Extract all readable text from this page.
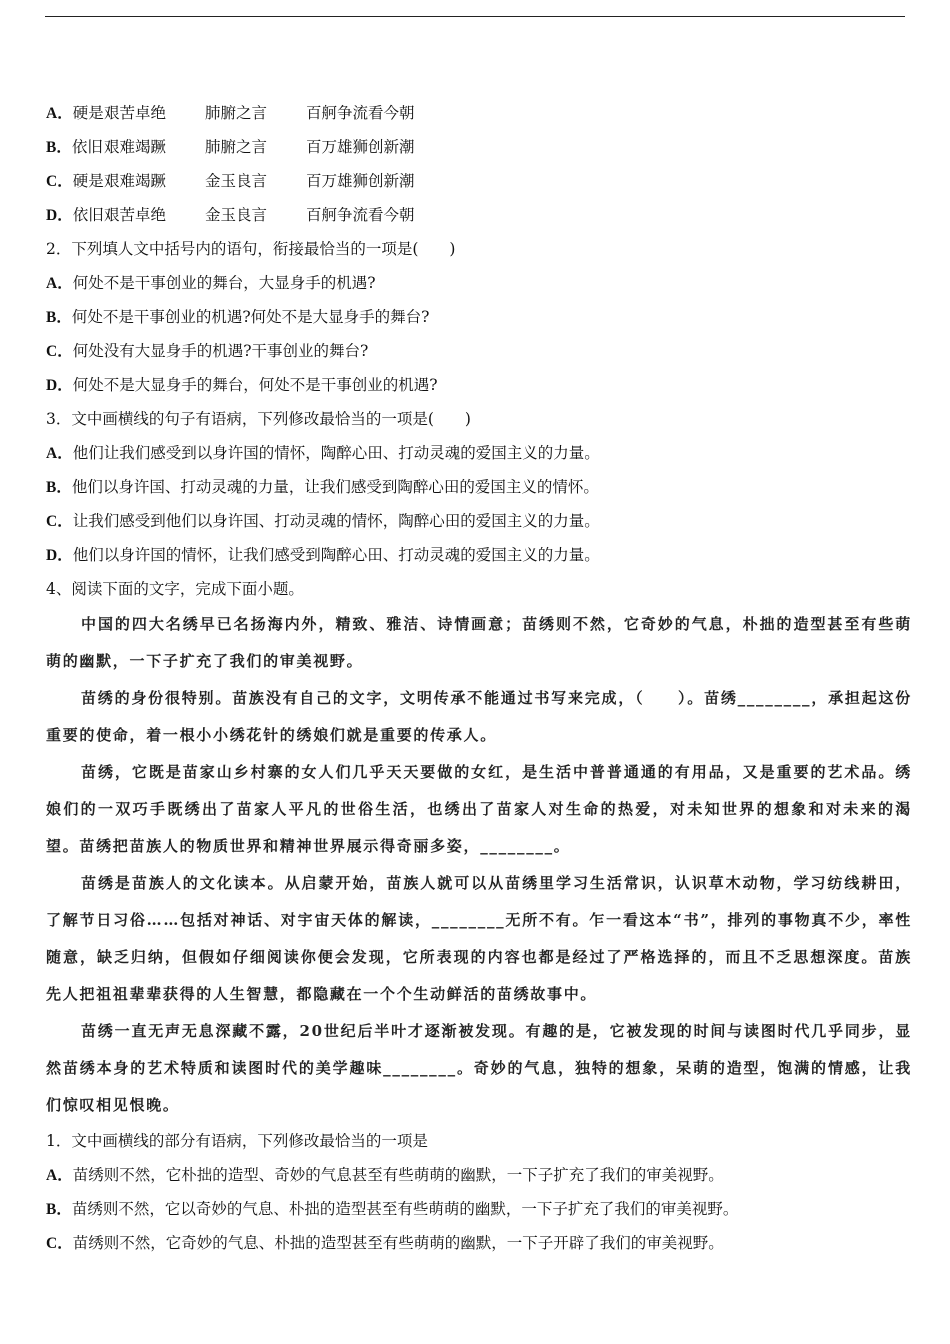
A．硬是艰苦卓绝	肺腑之言	百舸争流看今朝
B．依旧艰难竭蹶	肺腑之言	百万雄狮创新潮
C．硬是艰难竭蹶	金玉良言	百万雄狮创新潮
D．依旧艰苦卓绝	金玉良言	百舸争流看今朝
2．下列填人文中括号内的语句，衔接最恰当的一项是(　　)
A．何处不是干事创业的舞台，大显身手的机遇?
B．何处不是干事创业的机遇?何处不是大显身手的舞台?
C．何处没有大显身手的机遇?干事创业的舞台?
D．何处不是大显身手的舞台，何处不是干事创业的机遇?
3．文中画横线的句子有语病，下列修改最恰当的一项是(　　)
A．他们让我们感受到以身许国的情怀，陶醉心田、打动灵魂的爱国主义的力量。
B．他们以身许国、打动灵魂的力量，让我们感受到陶醉心田的爱国主义的情怀。
C．让我们感受到他们以身许国、打动灵魂的情怀，陶醉心田的爱国主义的力量。
D．他们以身许国的情怀，让我们感受到陶醉心田、打动灵魂的爱国主义的力量。
4、阅读下面的文字，完成下面小题。

中国的四大名绣早已名扬海内外，精致、雅洁、诗情画意；苗绣则不然，它奇妙的气息，朴拙的造型甚至有些萌萌的幽默，一下子扩充了我们的审美视野。

苗绣的身份很特别。苗族没有自己的文字，文明传承不能通过书写来完成，（　　）。苗绣________，承担起这份重要的使命，着一根小小绣花针的绣娘们就是重要的传承人。

苗绣，它既是苗家山乡村寨的女人们几乎天天要做的女红，是生活中普普通通的有用品，又是重要的艺术品。绣娘们的一双巧手既绣出了苗家人平凡的世俗生活，也绣出了苗家人对生命的热爱，对未知世界的想象和对未来的渴望。苗绣把苗族人的物质世界和精神世界展示得奇丽多姿，________。

苗绣是苗族人的文化读本。从启蒙开始，苗族人就可以从苗绣里学习生活常识，认识草木动物，学习纺线耕田，了解节日习俗……包括对神话、对宇宙天体的解读，________无所不有。乍一看这本“书”，排列的事物真不少，率性随意，缺乏归纳，但假如仔细阅读你便会发现，它所表现的内容也都是经过了严格选择的，而且不乏思想深度。苗族先人把祖祖辈辈获得的人生智慧，都隐藏在一个个生动鲜活的苗绣故事中。

苗绣一直无声无息深藏不露，20世纪后半叶才逐渐被发现。有趣的是，它被发现的时间与读图时代几乎同步，显然苗绣本身的艺术特质和读图时代的美学趣味________。奇妙的气息，独特的想象，呆萌的造型，饱满的情感，让我们惊叹相见恨晚。

1．文中画横线的部分有语病，下列修改最恰当的一项是
A．苗绣则不然，它朴拙的造型、奇妙的气息甚至有些萌萌的幽默，一下子扩充了我们的审美视野。
B．苗绣则不然，它以奇妙的气息、朴拙的造型甚至有些萌萌的幽默，一下子扩充了我们的审美视野。
C．苗绣则不然，它奇妙的气息、朴拙的造型甚至有些萌萌的幽默，一下子开辟了我们的审美视野。
